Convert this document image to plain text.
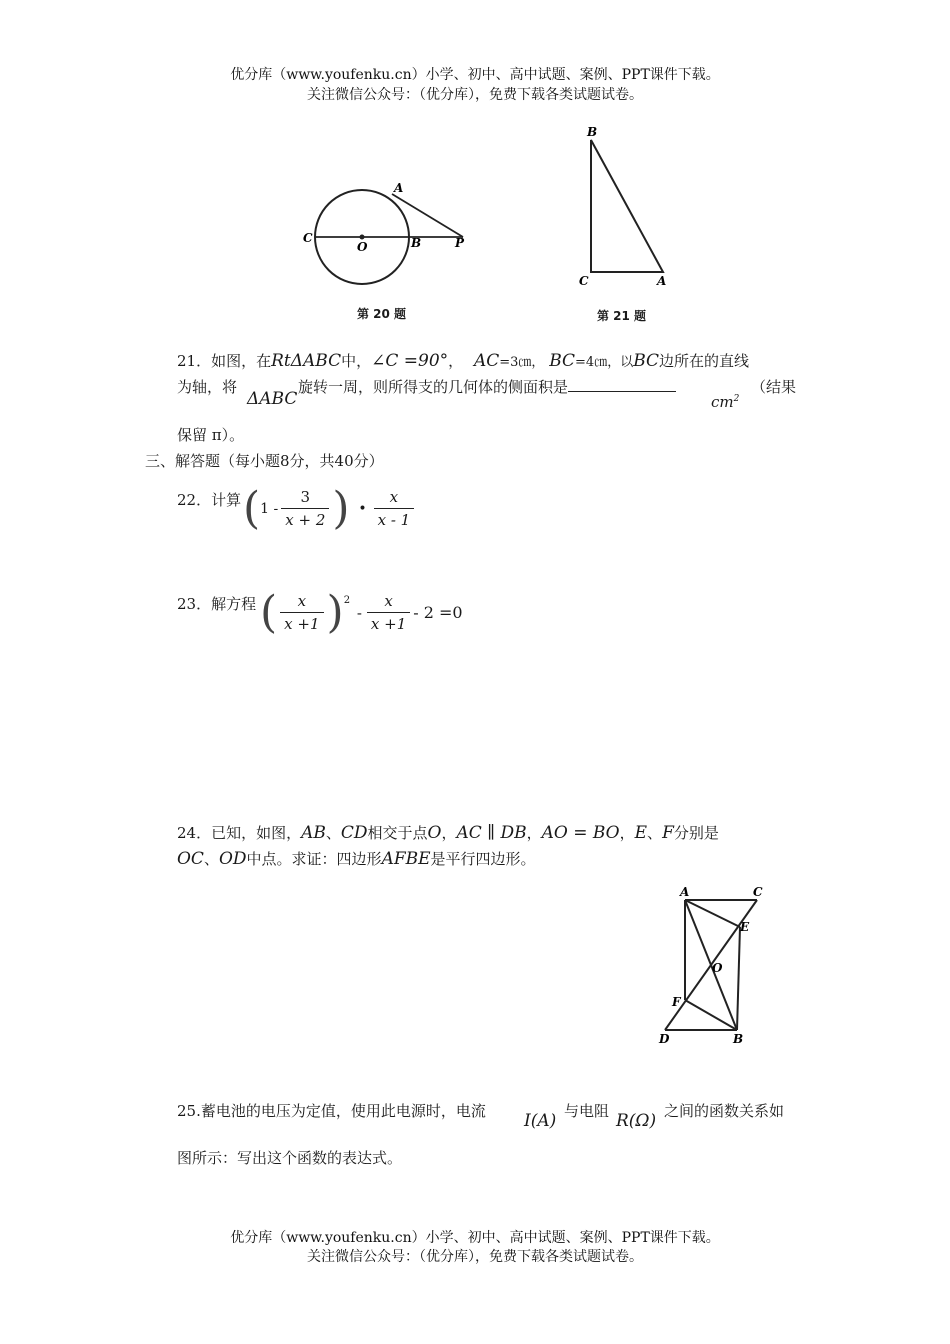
优分库（www.youfenku.cn）小学、初中、高中试题、案例、PPT课件下载。
关注微信公众号：（优分库），免费下载各类试题试卷。
A
C
O	B	P
第 20 题
B
C	A
第 21 题
21．如图，在RtΔABC中，∠C =90°， AC=3㎝， BC=4㎝，以BC边所在的直线
为轴，将
ΔABC
旋转一周，则所得支的几何体的侧面积是
$cm^2$
（结果
保留 π）。
三、解答题（每小题8分，共40分）
22．计算 ($1 - \frac{3}{x + 2}$ ) • $\frac{x}{x - 1}$
23．解方程 ( $\frac{x}{x +1} )^2 - \frac{x}{x +1} - 2 =0$
24．已知，如图，AB、CD相交于点O，AC ∥ DB，AO = BO，E、F分别是
OC、OD中点。求证：四边形AFBE是平行四边形。
A	C
E
O
F
D	B
25.蓄电池的电压为定值，使用此电源时，电流 I(A) 与电阻 R(Ω) 之间的函数关系如
图所示：写出这个函数的表达式。
优分库（www.youfenku.cn）小学、初中、高中试题、案例、PPT课件下载。
关注微信公众号：（优分库），免费下载各类试题试卷。
